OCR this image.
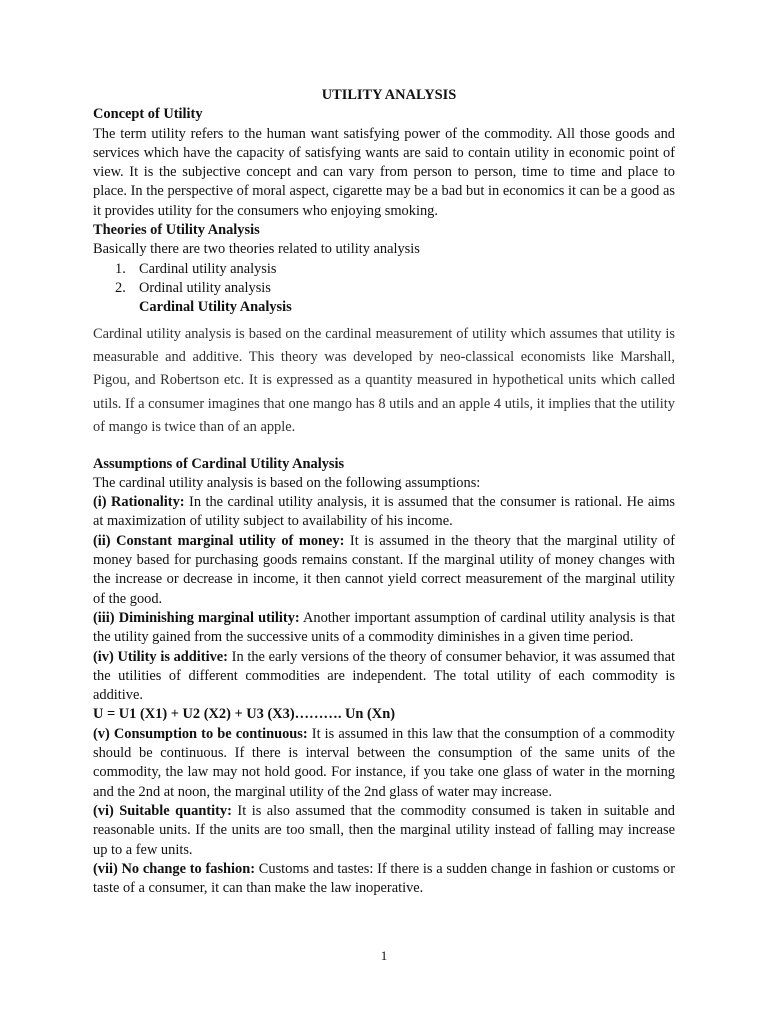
UTILITY ANALYSIS

Concept of Utility

The term utility refers to the human want satisfying power of the commodity. All those goods and services which have the capacity of satisfying wants are said to contain utility in economic point of view. It is the subjective concept and can vary from person to person, time to time and place to place. In the perspective of moral aspect, cigarette may be a bad but in economics it can be a good as it provides utility for the consumers who enjoying smoking.

Theories of Utility Analysis

Basically there are two theories related to utility analysis

1. Cardinal utility analysis
2. Ordinal utility analysis

Cardinal Utility Analysis

Cardinal utility analysis is based on the cardinal measurement of utility which assumes that utility is measurable and additive. This theory was developed by neo-classical economists like Marshall, Pigou, and Robertson etc. It is expressed as a quantity measured in hypothetical units which called utils. If a consumer imagines that one mango has 8 utils and an apple 4 utils, it implies that the utility of mango is twice than of an apple.

Assumptions of Cardinal Utility Analysis

The cardinal utility analysis is based on the following assumptions:

(i) Rationality: In the cardinal utility analysis, it is assumed that the consumer is rational. He aims at maximization of utility subject to availability of his income.

(ii) Constant marginal utility of money: It is assumed in the theory that the marginal utility of money based for purchasing goods remains constant. If the marginal utility of money changes with the increase or decrease in income, it then cannot yield correct measurement of the marginal utility of the good.

(iii) Diminishing marginal utility: Another important assumption of cardinal utility analysis is that the utility gained from the successive units of a commodity diminishes in a given time period.

(iv) Utility is additive: In the early versions of the theory of consumer behavior, it was assumed that the utilities of different commodities are independent. The total utility of each commodity is additive.

U = U1 (X1) + U2 (X2) + U3 (X3)………. Un (Xn)

(v) Consumption to be continuous: It is assumed in this law that the consumption of a commodity should be continuous. If there is interval between the consumption of the same units of the commodity, the law may not hold good. For instance, if you take one glass of water in the morning and the 2nd at noon, the marginal utility of the 2nd glass of water may increase.

(vi) Suitable quantity: It is also assumed that the commodity consumed is taken in suitable and reasonable units. If the units are too small, then the marginal utility instead of falling may increase up to a few units.

(vii) No change to fashion: Customs and tastes: If there is a sudden change in fashion or customs or taste of a consumer, it can than make the law inoperative.

1
